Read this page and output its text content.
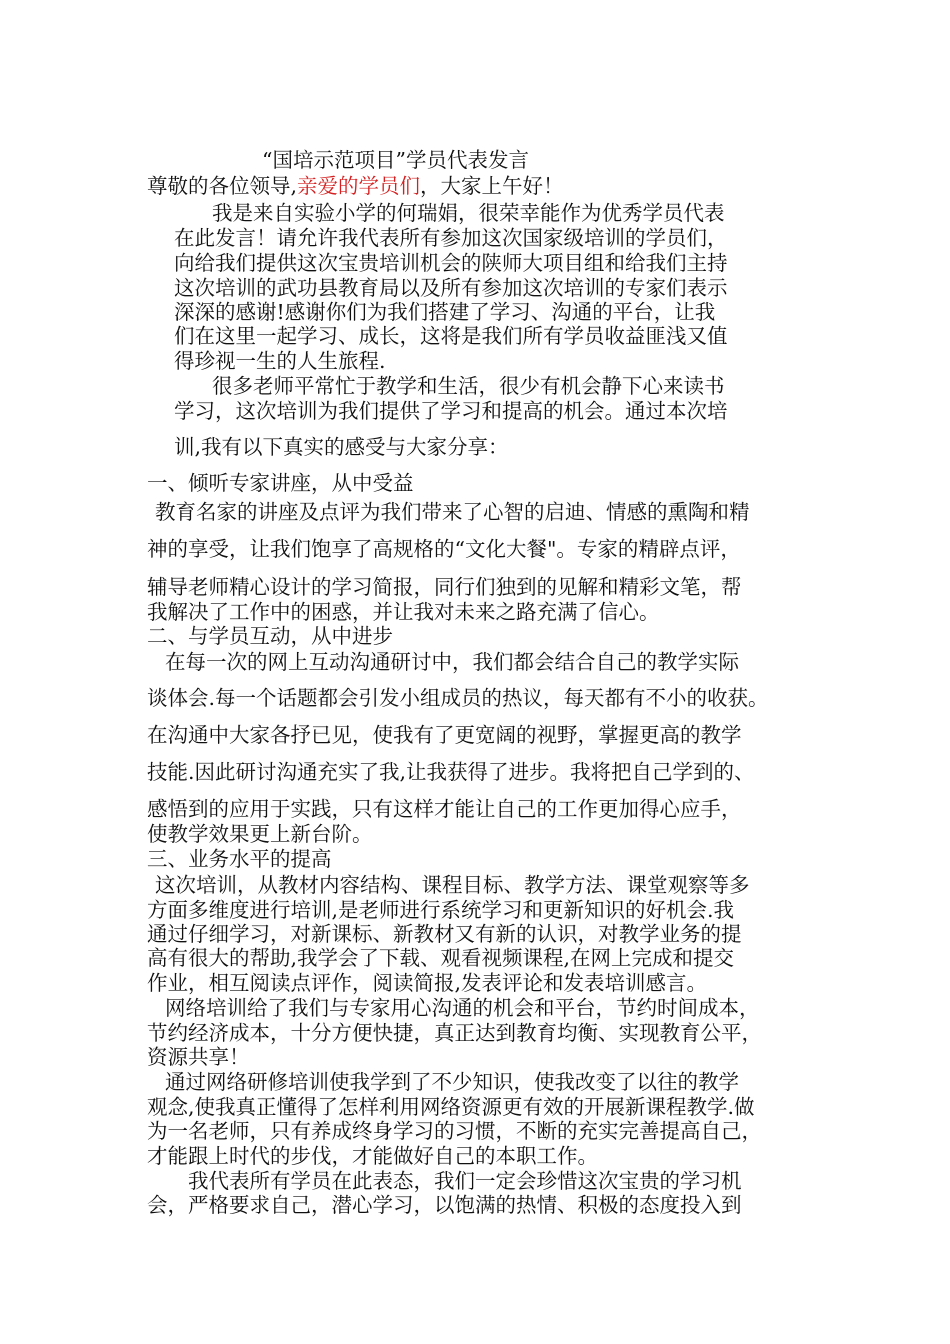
“国培示范项目”学员代表发言
尊敬的各位领导,亲爱的学员们，大家上午好！
我是来自实验小学的何瑞娟，很荣幸能作为优秀学员代表
在此发言！请允许我代表所有参加这次国家级培训的学员们，
向给我们提供这次宝贵培训机会的陕师大项目组和给我们主持
这次培训的武功县教育局以及所有参加这次培训的专家们表示
深深的感谢!感谢你们为我们搭建了学习、沟通的平台，让我
们在这里一起学习、成长，这将是我们所有学员收益匪浅又值
得珍视一生的人生旅程.
很多老师平常忙于教学和生活，很少有机会静下心来读书
学习，这次培训为我们提供了学习和提高的机会。通过本次培
训,我有以下真实的感受与大家分享：
一、倾听专家讲座，从中受益
教育名家的讲座及点评为我们带来了心智的启迪、情感的熏陶和精
神的享受，让我们饱享了高规格的“文化大餐"。专家的精辟点评，
辅导老师精心设计的学习简报，同行们独到的见解和精彩文笔，帮
我解决了工作中的困惑，并让我对未来之路充满了信心。
二、与学员互动，从中进步
在每一次的网上互动沟通研讨中，我们都会结合自己的教学实际
谈体会.每一个话题都会引发小组成员的热议，每天都有不小的收获。
在沟通中大家各抒已见，使我有了更宽阔的视野，掌握更高的教学
技能.因此研讨沟通充实了我,让我获得了进步。我将把自己学到的、
感悟到的应用于实践，只有这样才能让自己的工作更加得心应手，
使教学效果更上新台阶。
三、业务水平的提高
这次培训，从教材内容结构、课程目标、教学方法、课堂观察等多
方面多维度进行培训,是老师进行系统学习和更新知识的好机会.我
通过仔细学习，对新课标、新教材又有新的认识，对教学业务的提
高有很大的帮助,我学会了下载、观看视频课程,在网上完成和提交
作业，相互阅读点评作，阅读简报,发表评论和发表培训感言。
网络培训给了我们与专家用心沟通的机会和平台，节约时间成本，
节约经济成本，十分方便快捷，真正达到教育均衡、实现教育公平，
资源共享！
通过网络研修培训使我学到了不少知识，使我改变了以往的教学
观念,使我真正懂得了怎样利用网络资源更有效的开展新课程教学.做
为一名老师，只有养成终身学习的习惯，不断的充实完善提高自己，
才能跟上时代的步伐，才能做好自己的本职工作。
我代表所有学员在此表态，我们一定会珍惜这次宝贵的学习机
会，严格要求自己，潜心学习，以饱满的热情、积极的态度投入到
